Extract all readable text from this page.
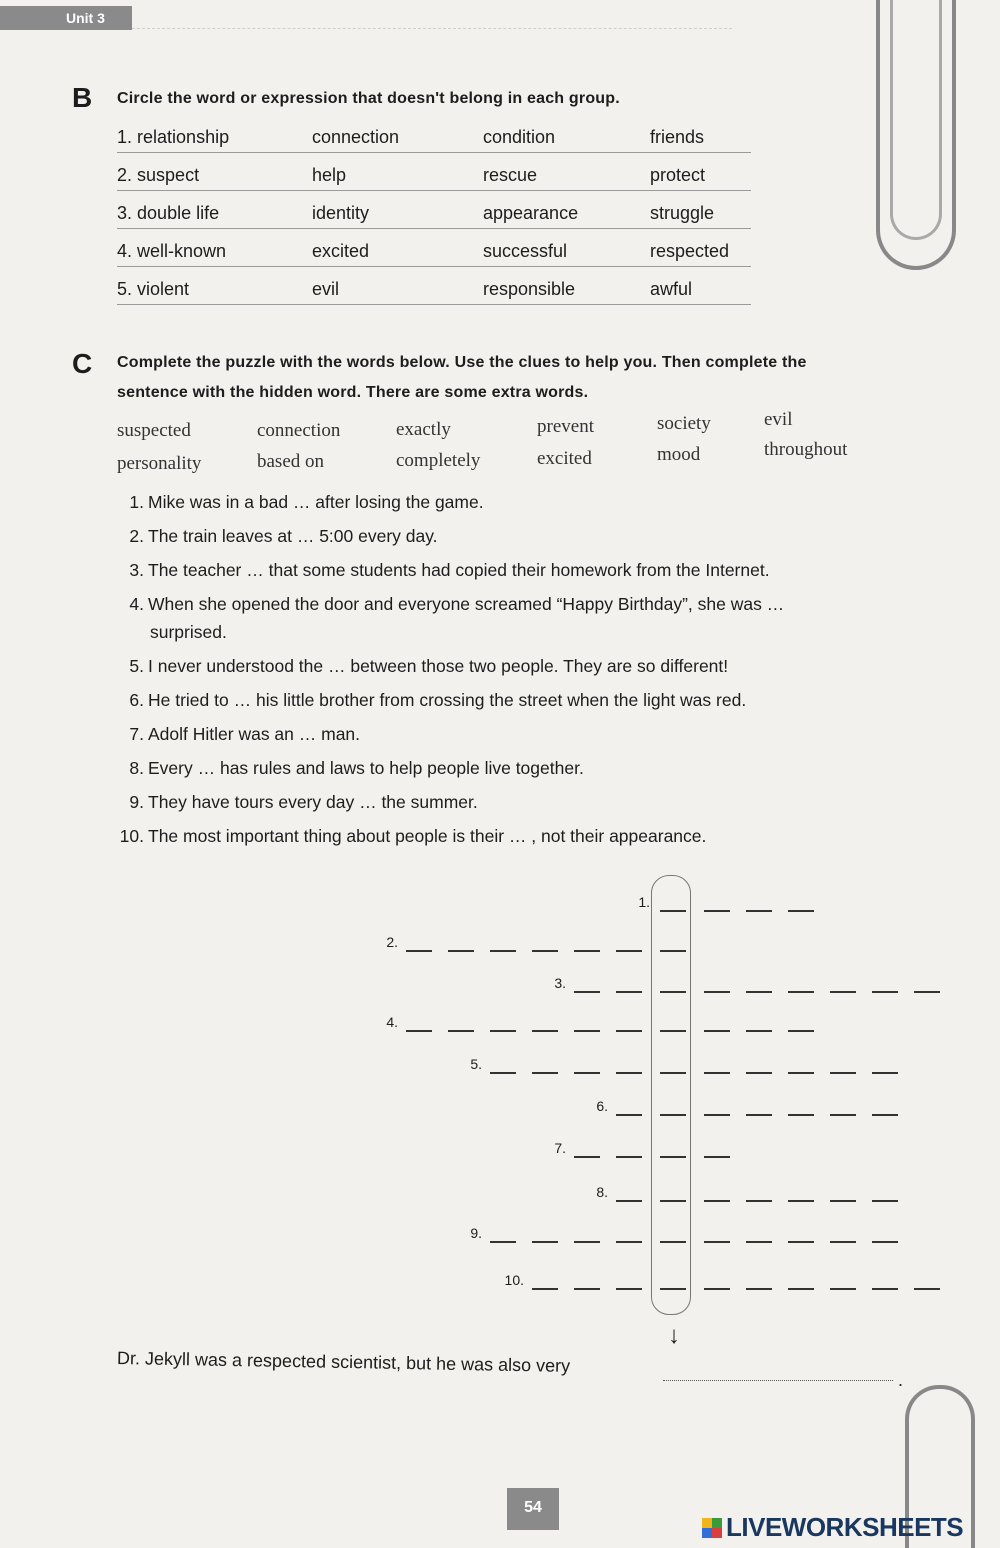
Unit 3
B Circle the word or expression that doesn't belong in each group.
1. relationship	connection	condition	friends
2. suspect	help	rescue	protect
3. double life	identity	appearance	struggle
4. well-known	excited	successful	respected
5. violent	evil	responsible	awful
C Complete the puzzle with the words below. Use the clues to help you. Then complete the
sentence with the hidden word. There are some extra words.
suspected	connection	exactly	prevent	society	evil
personality	based on	completely	excited	mood	throughout
1. Mike was in a bad … after losing the game.
2. The train leaves at … 5:00 every day.
3. The teacher … that some students had copied their homework from the Internet.
4. When she opened the door and everyone screamed “Happy Birthday”, she was …
surprised.
5. I never understood the … between those two people. They are so different!
6. He tried to … his little brother from crossing the street when the light was red.
7. Adolf Hitler was an … man.
8. Every … has rules and laws to help people live together.
9. They have tours every day … the summer.
10. The most important thing about people is their … , not their appearance.
1.
2.
3.
4.
5.
6.
7.
8.
9.
10.
↓
Dr. Jekyll was a respected scientist, but he was also very
.
54
LIVEWORKSHEETS
